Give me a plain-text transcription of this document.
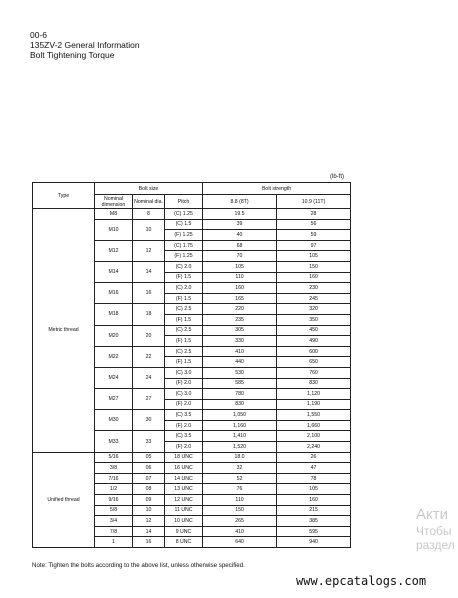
00-6
135ZV-2 General Information
Bolt Tightening Torque
(lb-ft)
Type	Bolt size			Bolt strength	
	Nominal dimension	Nominal dia.	Pitch	8.8 (8T)	10.9 (11T)
Metric thread	M8	8	(C) 1.25	19.5	28
	M10	10	(C) 1.5	39	56
			(F) 1.25	40	59
	M12	12	(C) 1.75	68	97
			(F) 1.25	70	105
	M14	14	(C) 2.0	105	150
			(F) 1.5	110	160
	M16	16	(C) 2.0	160	230
			(F) 1.5	165	245
	M18	18	(C) 2.5	220	320
			(F) 1.5	235	350
	M20	20	(C) 2.5	305	450
			(F) 1.5	330	490
	M22	22	(C) 2.5	410	600
			(F) 1.5	440	650
	M24	24	(C) 3.0	530	760
			(F) 2.0	585	830
	M27	27	(C) 3.0	780	1,120
			(F) 2.0	830	1,190
	M30	30	(C) 3.5	1,050	1,550
			(F) 2.0	1,160	1,660
	M33	33	(C) 3.5	1,410	2,100
			(F) 2.0	1,520	2,240
Unified thread	5/16	05	18 UNC	18.0	26
	3/8	06	16 UNC	32	47
	7/16	07	14 UNC	52	78
	1/2	08	13 UNC	76	105
	9/16	09	12 UNC	110	160
	5/8	10	11 UNC	150	215
	3/4	12	10 UNC	265	385
	7/8	14	9 UNC	410	595
	1	16	8 UNC	640	940
Note: Tighten the bolts according to the above list, unless otherwise specified.
www.epcatalogs.com
Акти
Чтобы
раздел
